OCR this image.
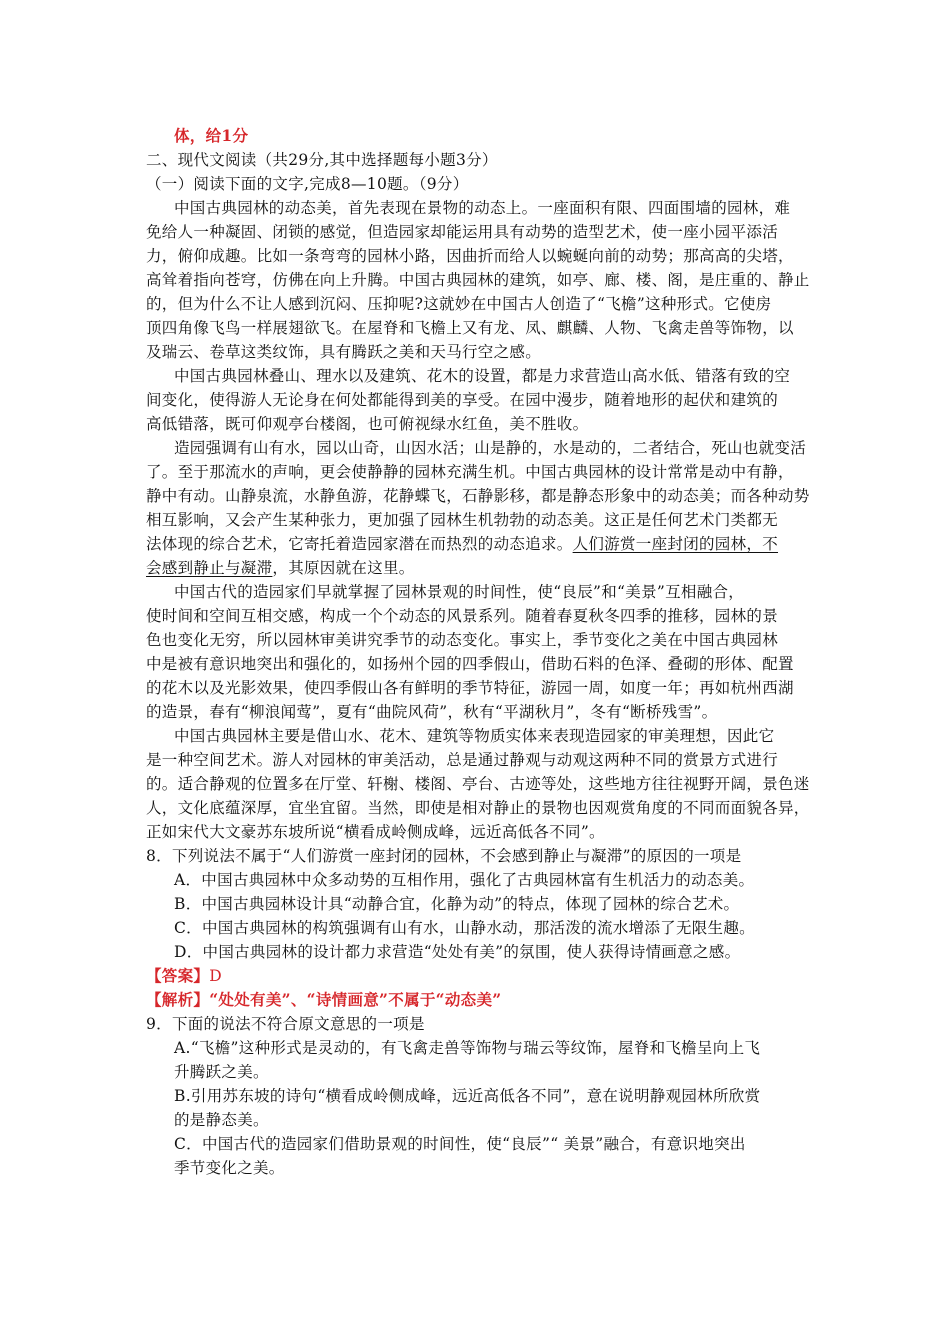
体，给1分
二、现代文阅读（共29分,其中选择题每小题3分）
（一）阅读下面的文字,完成8—10题。（9分）
中国古典园林的动态美，首先表现在景物的动态上。一座面积有限、四面围墙的园林，难
免给人一种凝固、闭锁的感觉，但造园家却能运用具有动势的造型艺术，使一座小园平添活
力，俯仰成趣。比如一条弯弯的园林小路，因曲折而给人以蜿蜒向前的动势；那高高的尖塔，
高耸着指向苍穹，仿佛在向上升腾。中国古典园林的建筑，如亭、廊、楼、阁，是庄重的、静止
的，但为什么不让人感到沉闷、压抑呢?这就妙在中国古人创造了“飞檐”这种形式。它使房
顶四角像飞鸟一样展翅欲飞。在屋脊和飞檐上又有龙、凤、麒麟、人物、飞禽走兽等饰物，以
及瑞云、卷草这类纹饰，具有腾跃之美和天马行空之感。
中国古典园林叠山、理水以及建筑、花木的设置，都是力求营造山高水低、错落有致的空
间变化，使得游人无论身在何处都能得到美的享受。在园中漫步，随着地形的起伏和建筑的
高低错落，既可仰观亭台楼阁，也可俯视绿水红鱼，美不胜收。
造园强调有山有水，园以山奇，山因水活；山是静的，水是动的，二者结合，死山也就变活
了。至于那流水的声响，更会使静静的园林充满生机。中国古典园林的设计常常是动中有静，
静中有动。山静泉流，水静鱼游，花静蝶飞，石静影移，都是静态形象中的动态美；而各种动势
相互影响，又会产生某种张力，更加强了园林生机勃勃的动态美。这正是任何艺术门类都无
法体现的综合艺术，它寄托着造园家潜在而热烈的动态追求。人们游赏一座封闭的园林，不
会感到静止与凝滞，其原因就在这里。
中国古代的造园家们早就掌握了园林景观的时间性，使“良辰”和“美景”互相融合，
使时间和空间互相交感，构成一个个动态的风景系列。随着春夏秋冬四季的推移，园林的景
色也变化无穷，所以园林审美讲究季节的动态变化。事实上，季节变化之美在中国古典园林
中是被有意识地突出和强化的，如扬州个园的四季假山，借助石料的色泽、叠砌的形体、配置
的花木以及光影效果，使四季假山各有鲜明的季节特征，游园一周，如度一年；再如杭州西湖
的造景，春有“柳浪闻莺”，夏有“曲院风荷”，秋有“平湖秋月”，冬有“断桥残雪”。
中国古典园林主要是借山水、花木、建筑等物质实体来表现造园家的审美理想，因此它
是一种空间艺术。游人对园林的审美活动，总是通过静观与动观这两种不同的赏景方式进行
的。适合静观的位置多在厅堂、轩榭、楼阁、亭台、古迹等处，这些地方往往视野开阔，景色迷
人，文化底蕴深厚，宜坐宜留。当然，即使是相对静止的景物也因观赏角度的不同而面貌各异，
正如宋代大文豪苏东坡所说“横看成岭侧成峰，远近高低各不同”。
8．下列说法不属于“人们游赏一座封闭的园林，不会感到静止与凝滞”的原因的一项是
A．中国古典园林中众多动势的互相作用，强化了古典园林富有生机活力的动态美。
B．中国古典园林设计具“动静合宜，化静为动”的特点，体现了园林的综合艺术。
C．中国古典园林的构筑强调有山有水，山静水动，那活泼的流水增添了无限生趣。
D．中国古典园林的设计都力求营造“处处有美”的氛围，使人获得诗情画意之感。
【答案】D
【解析】“处处有美”、“诗情画意”不属于“动态美”
9．下面的说法不符合原文意思的一项是
A.“飞檐”这种形式是灵动的，有飞禽走兽等饰物与瑞云等纹饰，屋脊和飞檐呈向上飞
升腾跃之美。
B.引用苏东坡的诗句“横看成岭侧成峰，远近高低各不同”，意在说明静观园林所欣赏
的是静态美。
C．中国古代的造园家们借助景观的时间性，使“良辰”“ 美景”融合，有意识地突出
季节变化之美。
